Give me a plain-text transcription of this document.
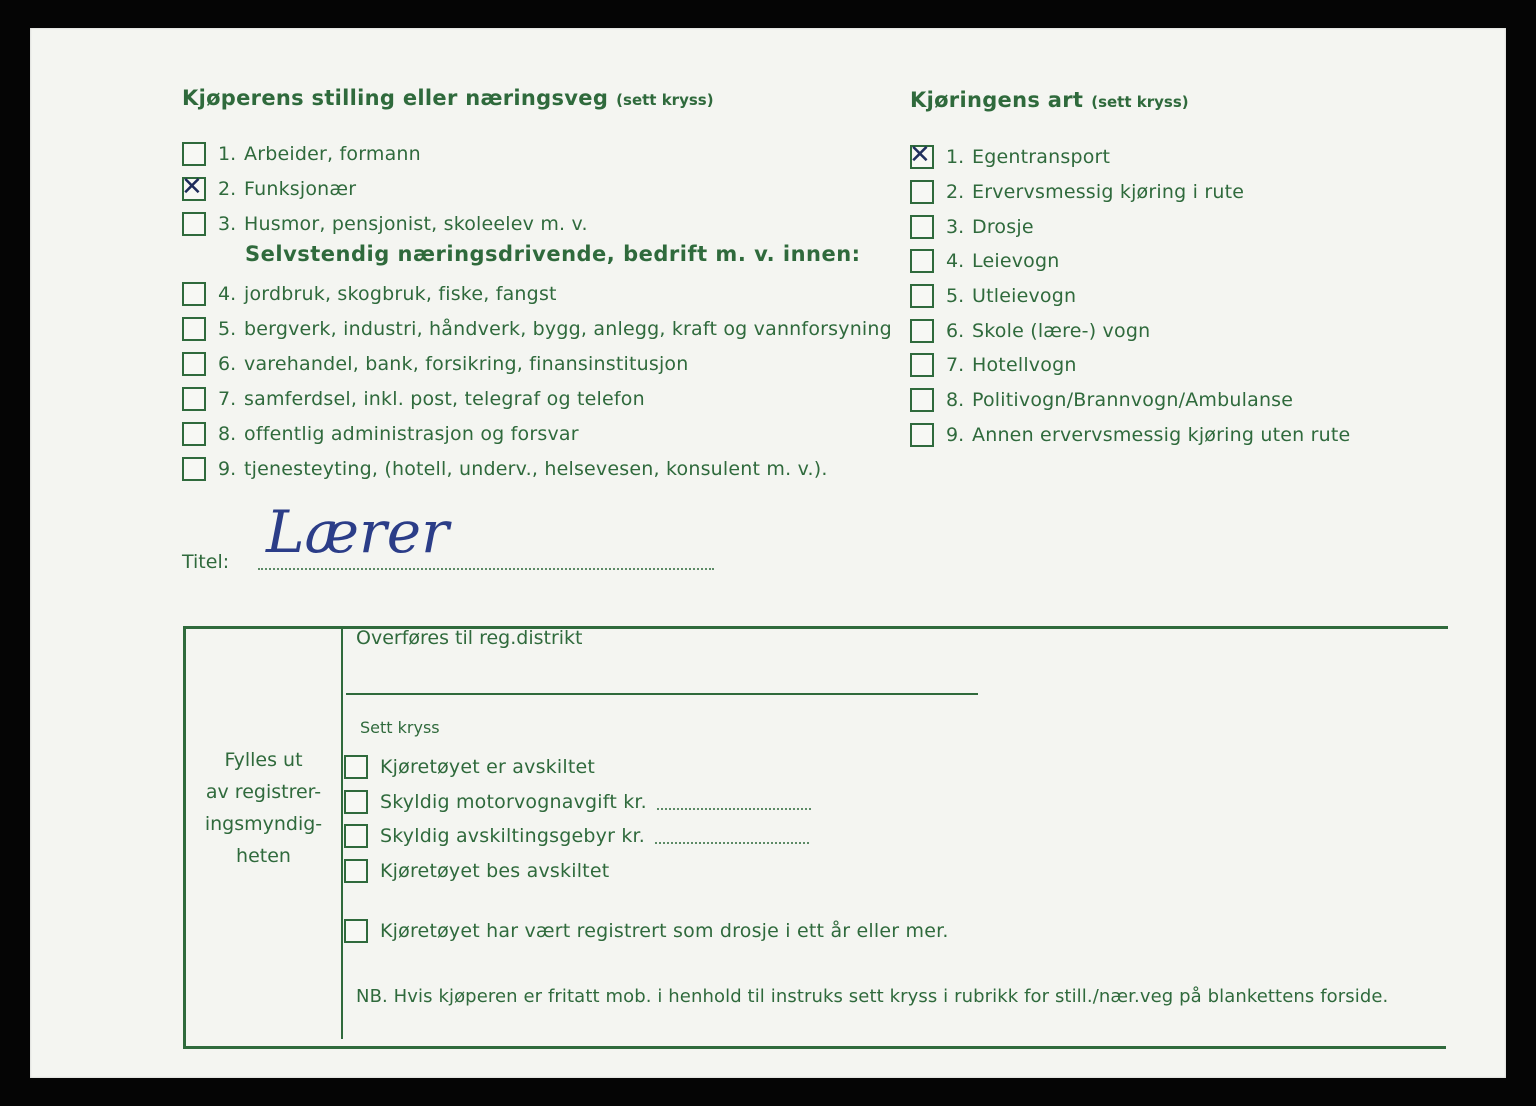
Kjøperens stilling eller næringsveg (sett kryss)
1. Arbeider, formann
✕ 2. Funksjonær
3. Husmor, pensjonist, skoleelev m. v.
Selvstendig næringsdrivende, bedrift m. v. innen:
4. jordbruk, skogbruk, fiske, fangst
5. bergverk, industri, håndverk, bygg, anlegg, kraft og vannforsyning
6. varehandel, bank, forsikring, finansinstitusjon
7. samferdsel, inkl. post, telegraf og telefon
8. offentlig administrasjon og forsvar
9. tjenesteyting, (hotell, underv., helsevesen, konsulent m. v.).
Titel: Lærer
Kjøringens art (sett kryss)
✕ 1. Egentransport
2. Ervervsmessig kjøring i rute
3. Drosje
4. Leievogn
5. Utleievogn
6. Skole (lære-) vogn
7. Hotellvogn
8. Politivogn/Brannvogn/Ambulanse
9. Annen ervervsmessig kjøring uten rute
Fylles ut
av registrer-
ingsmyndig-
heten
Overføres til reg.distrikt
Sett kryss
Kjøretøyet er avskiltet
Skyldig motorvognavgift kr.
Skyldig avskiltingsgebyr kr.
Kjøretøyet bes avskiltet
Kjøretøyet har vært registrert som drosje i ett år eller mer.
NB. Hvis kjøperen er fritatt mob. i henhold til instruks sett kryss i rubrikk for still./nær.veg på blankettens forside.
